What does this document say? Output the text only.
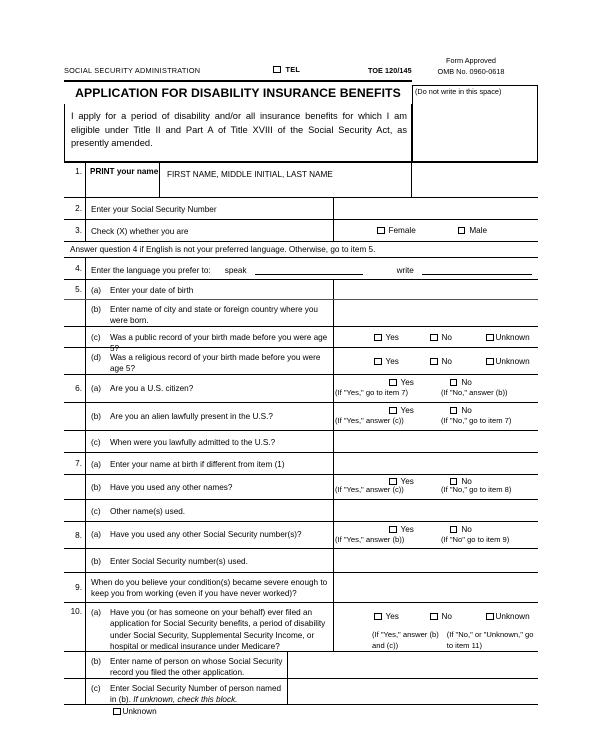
SOCIAL SECURITY ADMINISTRATION	TEL	TOE 120/145
Form Approved
OMB No. 0960-0618
APPLICATION FOR DISABILITY INSURANCE BENEFITS (Do not write in this space)
I apply for a period of disability and/or all insurance benefits for which I am eligible under Title II and Part A of Title XVIII of the Social Security Act, as presently amended.
1. PRINT your name	FIRST NAME, MIDDLE INITIAL, LAST NAME
2.	Enter your Social Security Number
3.	Check (X) whether you are	Female	Male
Answer question 4 if English is not your preferred language. Otherwise, go to item 5.
4.	Enter the language you prefer to: speak	write
5.	(a)	Enter your date of birth
(b)	Enter name of city and state or foreign country where you were born.
(c)	Was a public record of your birth made before you were age 5?
Yes	No	Unknown
(d)	Was a religious record of your birth made before you were age 5?
Yes	No	Unknown
6.	(a)	Are you a U.S. citizen?
Yes	No
(If "Yes," go to item 7)	(If "No," answer (b))
(b)	Are you an alien lawfully present in the U.S.?
Yes	No
(If "Yes," answer (c))	(If "No," go to item 7)
(c)	When were you lawfully admitted to the U.S.?
7.	(a)	Enter your name at birth if different from item (1)
(b)	Have you used any other names?
Yes	No
(If "Yes," answer (c))	(If "No," go to item 8)
(c)	Other name(s) used.
8.	(a)	Have you used any other Social Security number(s)?
Yes	No
(If "Yes," answer (b))	(If "No" go to item 9)
(b)	Enter Social Security number(s) used.
9.
When do you believe your condition(s) became severe enough to keep you from working (even if you have never worked)?
10.	(a)	Have you (or has someone on your behalf) ever filed an application for Social Security benefits, a period of disability under Social Security, Supplemental Security Income, or hospital or medical insurance under Medicare?
Yes	No	Unknown
(If "Yes," answer (b) and (c))
(If "No," or "Unknown," go to item 11)
(b)	Enter name of person on whose Social Security record you filed the other application.
(c)	Enter Social Security Number of person named in (b). If unknown, check this block.
Unknown
